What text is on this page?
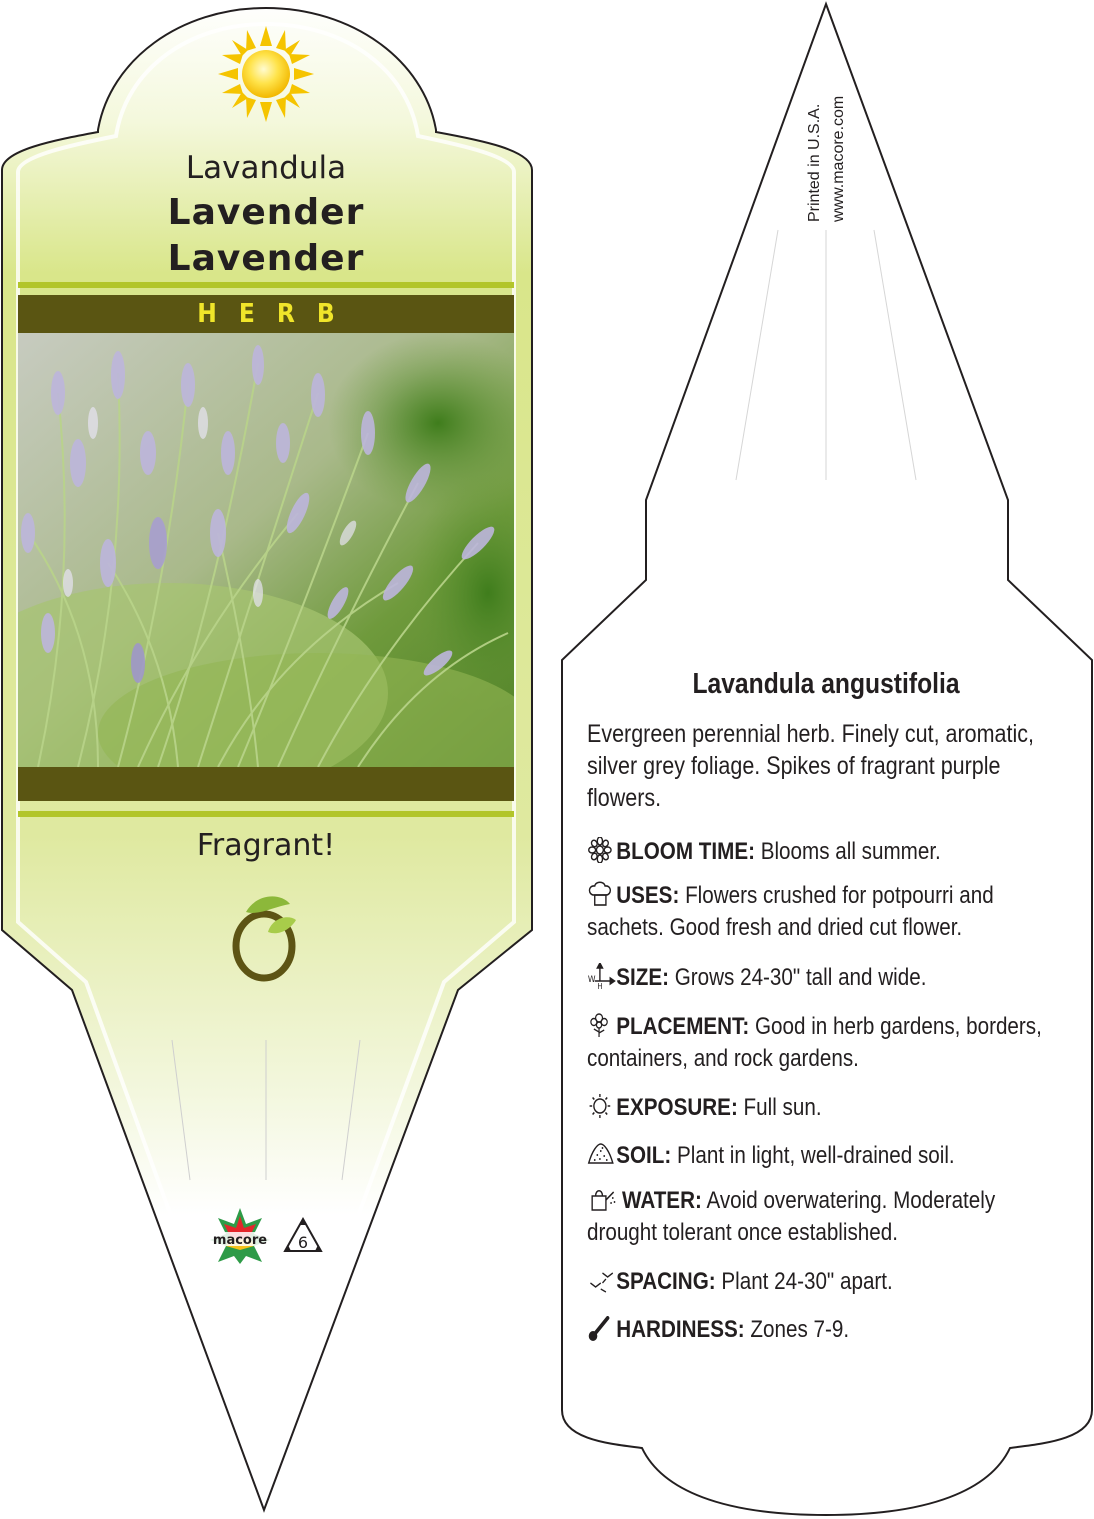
Lavandula
Lavender
Lavender
HERB
Fragrant!
macore 6
Printed in U.S.A. www.macore.com
Lavandula angustifolia
Evergreen perennial herb. Finely cut, aromatic, silver grey foliage. Spikes of fragrant purple flowers.
BLOOM TIME: Blooms all summer.
USES: Flowers crushed for potpourri and sachets. Good fresh and dried cut flower.
W
H SIZE: Grows 24-30" tall and wide.
PLACEMENT: Good in herb gardens, borders, containers, and rock gardens.
EXPOSURE: Full sun.
SOIL: Plant in light, well-drained soil.
WATER: Avoid overwatering. Moderately drought tolerant once established.
SPACING: Plant 24-30" apart.
HARDINESS: Zones 7-9.
